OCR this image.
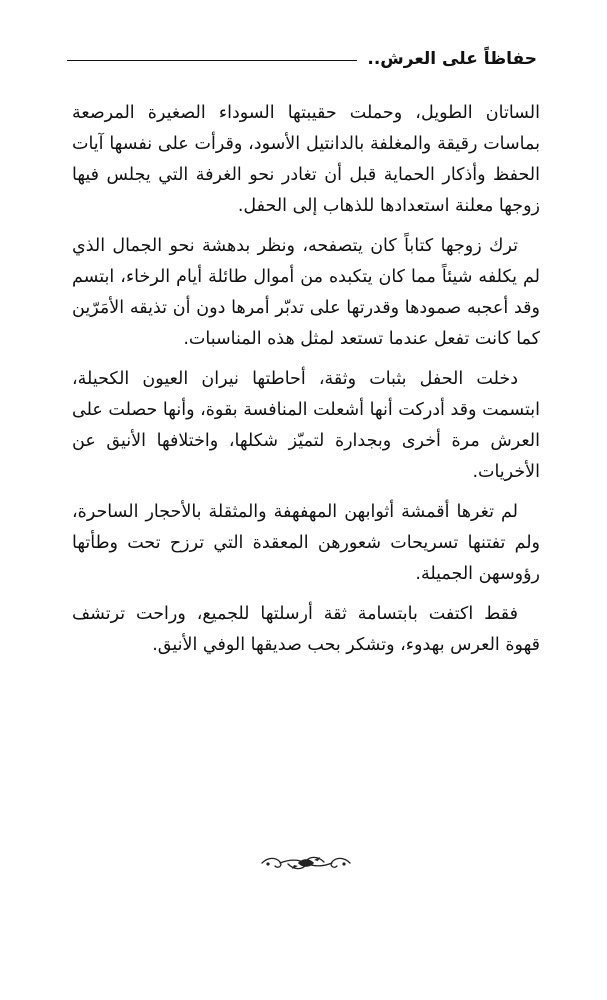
حفاظاً على العرش..

الساتان الطويل، وحملت حقيبتها السوداء الصغيرة المرصعة بماسات رقيقة والمغلفة بالدانتيل الأسود، وقرأت على نفسها آيات الحفظ وأذكار الحماية قبل أن تغادر نحو الغرفة التي يجلس فيها زوجها معلنة استعدادها للذهاب إلى الحفل.

ترك زوجها كتاباً كان يتصفحه، ونظر بدهشة نحو الجمال الذي لم يكلفه شيئاً مما كان يتكبده من أموال طائلة أيام الرخاء، ابتسم وقد أعجبه صمودها وقدرتها على تدبّر أمرها دون أن تذيقه الأمَرّين كما كانت تفعل عندما تستعد لمثل هذه المناسبات.

دخلت الحفل بثبات وثقة، أحاطتها نيران العيون الكحيلة، ابتسمت وقد أدركت أنها أشعلت المنافسة بقوة، وأنها حصلت على العرش مرة أخرى وبجدارة لتميّز شكلها، واختلافها الأنيق عن الأخريات.

لم تغرها أقمشة أثوابهن المهفهفة والمثقلة بالأحجار الساحرة، ولم تفتنها تسريحات شعورهن المعقدة التي ترزح تحت وطأتها رؤوسهن الجميلة.

فقط اكتفت بابتسامة ثقة أرسلتها للجميع، وراحت ترتشف قهوة العرس بهدوء، وتشكر بحب صديقها الوفي الأنيق.
